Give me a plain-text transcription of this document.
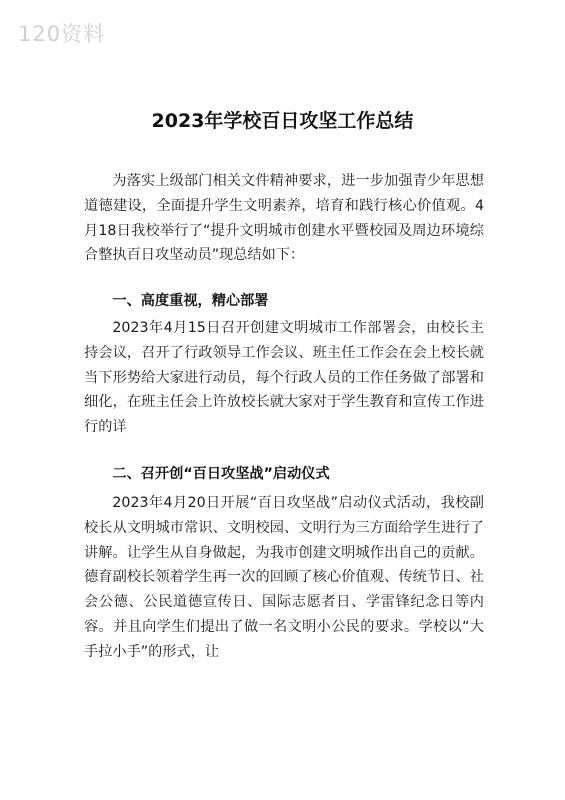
120资料
2023年学校百日攻坚工作总结
为落实上级部门相关文件精神要求，进一步加强青少年思想道德建设，全面提升学生文明素养，培育和践行核心价值观。4月18日我校举行了“提升文明城市创建水平暨校园及周边环境综合整执百日攻坚动员”现总结如下：
一、高度重视，精心部署
2023年4月15日召开创建文明城市工作部署会，由校长主持会议，召开了行政领导工作会议、班主任工作会在会上校长就当下形势给大家进行动员，每个行政人员的工作任务做了部署和细化，在班主任会上许放校长就大家对于学生教育和宣传工作进行的详
二、召开创“百日攻坚战”启动仪式
2023年4月20日开展“百日攻坚战”启动仪式活动，我校副校长从文明城市常识、文明校园、文明行为三方面给学生进行了讲解。让学生从自身做起，为我市创建文明城作出自己的贡献。德育副校长领着学生再一次的回顾了核心价值观、传统节日、社会公德、公民道德宣传日、国际志愿者日、学雷锋纪念日等内容。并且向学生们提出了做一名文明小公民的要求。学校以“大手拉小手”的形式，让
